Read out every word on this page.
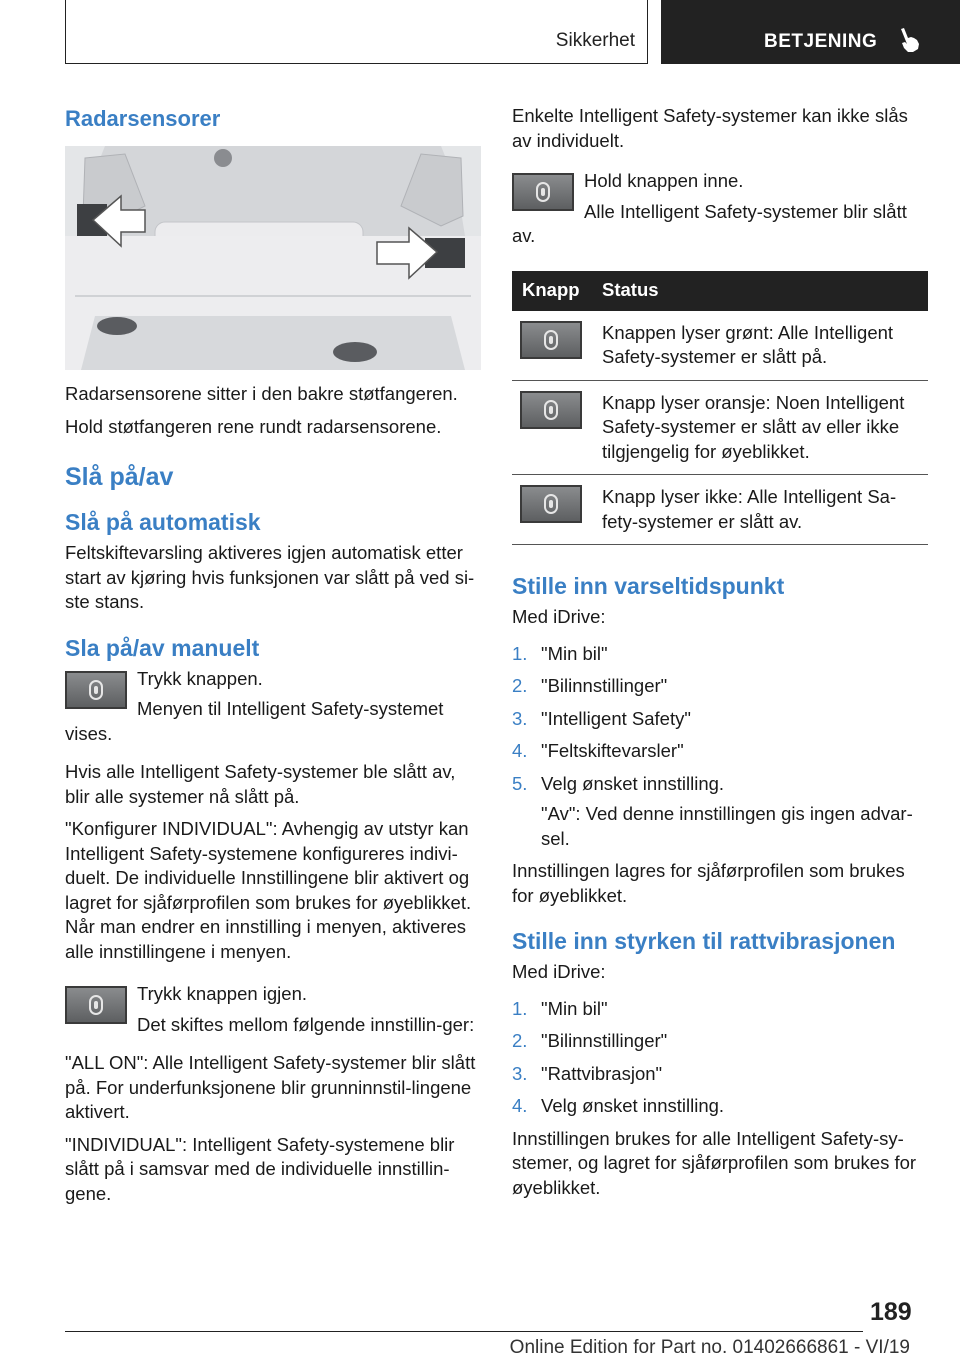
Sikkerhet	BETJENING
Radarsensorer

Radarsensorene sitter i den bakre støtfangeren.

Hold støtfangeren rene rundt radarsensorene.

Slå på/av
Slå på automatisk

Feltskiftevarsling aktiveres igjen automatisk etter start av kjøring hvis funksjonen var slått på ved si-ste stans.

Sla på/av manuelt

Trykk knappen.

Menyen til Intelligent Safety-systemet vises.

Hvis alle Intelligent Safety-systemer ble slått av, blir alle systemer nå slått på.

"Konfigurer INDIVIDUAL": Avhengig av utstyr kan Intelligent Safety-systemene konfigureres indivi-duelt. De individuelle Innstillingene blir aktivert og lagret for sjåførprofilen som brukes for øyeblikket. Når man endrer en innstilling i menyen, aktiveres alle innstillingene i menyen.

Trykk knappen igjen.

Det skiftes mellom følgende innstillin-ger:

"ALL ON": Alle Intelligent Safety-systemer blir slått på. For underfunksjonene blir grunninnstil-lingene aktivert.

"INDIVIDUAL": Intelligent Safety-systemene blir slått på i samsvar med de individuelle innstillin-gene.

Enkelte Intelligent Safety-systemer kan ikke slås av individuelt.

Hold knappen inne.

Alle Intelligent Safety-systemer blir slått av.

Knapp	Status

	Knappen lyser grønt: Alle Intelligent Safety-systemer er slått på.

	Knapp lyser oransje: Noen Intelligent Safety-systemer er slått av eller ikke tilgjengelig for øyeblikket.

	Knapp lyser ikke: Alle Intelligent Sa-fety-systemer er slått av.
Stille inn varseltidspunkt

Med iDrive:

1. "Min bil"
2. "Bilinnstillinger"
3. "Intelligent Safety"
4. "Feltskiftevarsler"
5. Velg ønsket innstilling.
"Av": Ved denne innstillingen gis ingen advar-sel.

Innstillingen lagres for sjåførprofilen som brukes for øyeblikket.

Stille inn styrken til rattvibrasjonen

Med iDrive:

1. "Min bil"
2. "Bilinnstillinger"
3. "Rattvibrasjon"
4. Velg ønsket innstilling.

Innstillingen brukes for alle Intelligent Safety-sy-stemer, og lagret for sjåførprofilen som brukes for øyeblikket.

189
Online Edition for Part no. 01402666861 - VI/19
